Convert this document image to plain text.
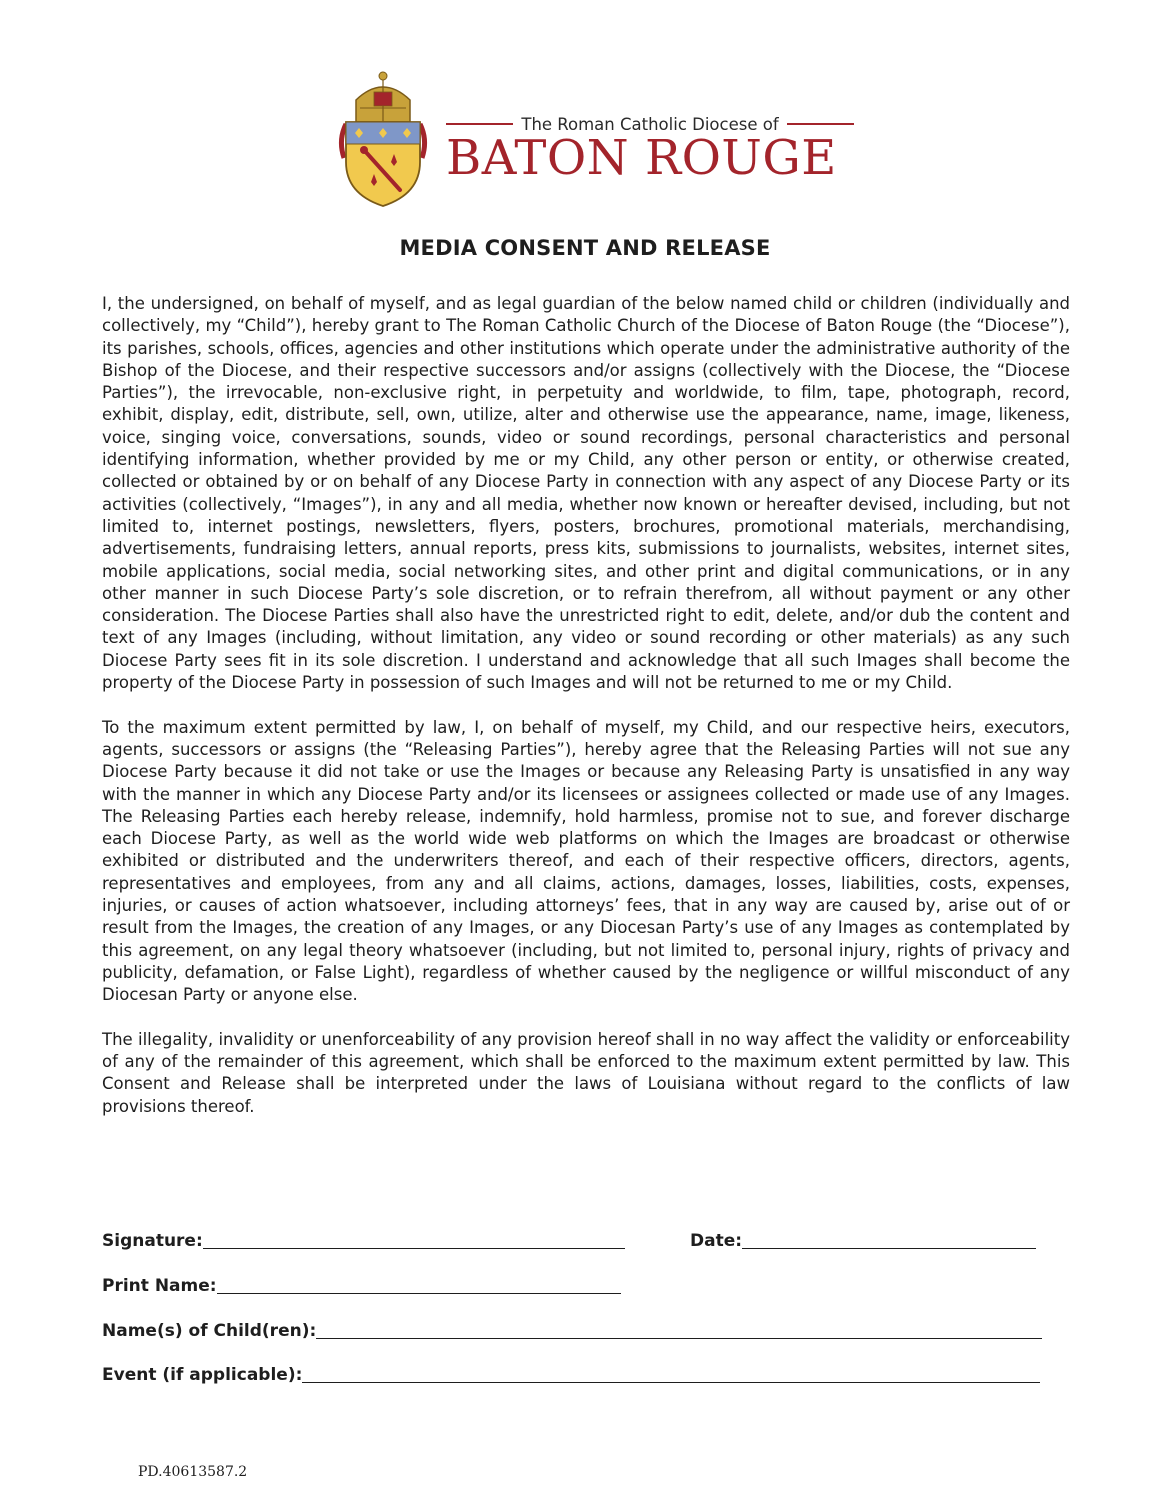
The Roman Catholic Diocese of
BATON ROUGE
MEDIA CONSENT AND RELEASE

I, the undersigned, on behalf of myself, and as legal guardian of the below named child or children (individually and collectively, my “Child”), hereby grant to The Roman Catholic Church of the Diocese of Baton Rouge (the “Diocese”), its parishes, schools, offices, agencies and other institutions which operate under the administrative authority of the Bishop of the Diocese, and their respective successors and/or assigns (collectively with the Diocese, the “Diocese Parties”), the irrevocable, non-exclusive right, in perpetuity and worldwide, to film, tape, photograph, record, exhibit, display, edit, distribute, sell, own, utilize, alter and otherwise use the appearance, name, image, likeness, voice, singing voice, conversations, sounds, video or sound recordings, personal characteristics and personal identifying information, whether provided by me or my Child, any other person or entity, or otherwise created, collected or obtained by or on behalf of any Diocese Party in connection with any aspect of any Diocese Party or its activities (collectively, “Images”), in any and all media, whether now known or hereafter devised, including, but not limited to, internet postings, newsletters, flyers, posters, brochures, promotional materials, merchandising, advertisements, fundraising letters, annual reports, press kits, submissions to journalists, websites, internet sites, mobile applications, social media, social networking sites, and other print and digital communications, or in any other manner in such Diocese Party’s sole discretion, or to refrain therefrom, all without payment or any other consideration. The Diocese Parties shall also have the unrestricted right to edit, delete, and/or dub the content and text of any Images (including, without limitation, any video or sound recording or other materials) as any such Diocese Party sees fit in its sole discretion. I understand and acknowledge that all such Images shall become the property of the Diocese Party in possession of such Images and will not be returned to me or my Child.

To the maximum extent permitted by law, I, on behalf of myself, my Child, and our respective heirs, executors, agents, successors or assigns (the “Releasing Parties”), hereby agree that the Releasing Parties will not sue any Diocese Party because it did not take or use the Images or because any Releasing Party is unsatisfied in any way with the manner in which any Diocese Party and/or its licensees or assignees collected or made use of any Images. The Releasing Parties each hereby release, indemnify, hold harmless, promise not to sue, and forever discharge each Diocese Party, as well as the world wide web platforms on which the Images are broadcast or otherwise exhibited or distributed and the underwriters thereof, and each of their respective officers, directors, agents, representatives and employees, from any and all claims, actions, damages, losses, liabilities, costs, expenses, injuries, or causes of action whatsoever, including attorneys’ fees, that in any way are caused by, arise out of or result from the Images, the creation of any Images, or any Diocesan Party’s use of any Images as contemplated by this agreement, on any legal theory whatsoever (including, but not limited to, personal injury, rights of privacy and publicity, defamation, or False Light), regardless of whether caused by the negligence or willful misconduct of any Diocesan Party or anyone else.

The illegality, invalidity or unenforceability of any provision hereof shall in no way affect the validity or enforceability of any of the remainder of this agreement, which shall be enforced to the maximum extent permitted by law. This Consent and Release shall be interpreted under the laws of Louisiana without regard to the conflicts of law provisions thereof.

Signature:	Date:
Print Name:
Name(s) of Child(ren):
Event (if applicable):
PD.40613587.2
